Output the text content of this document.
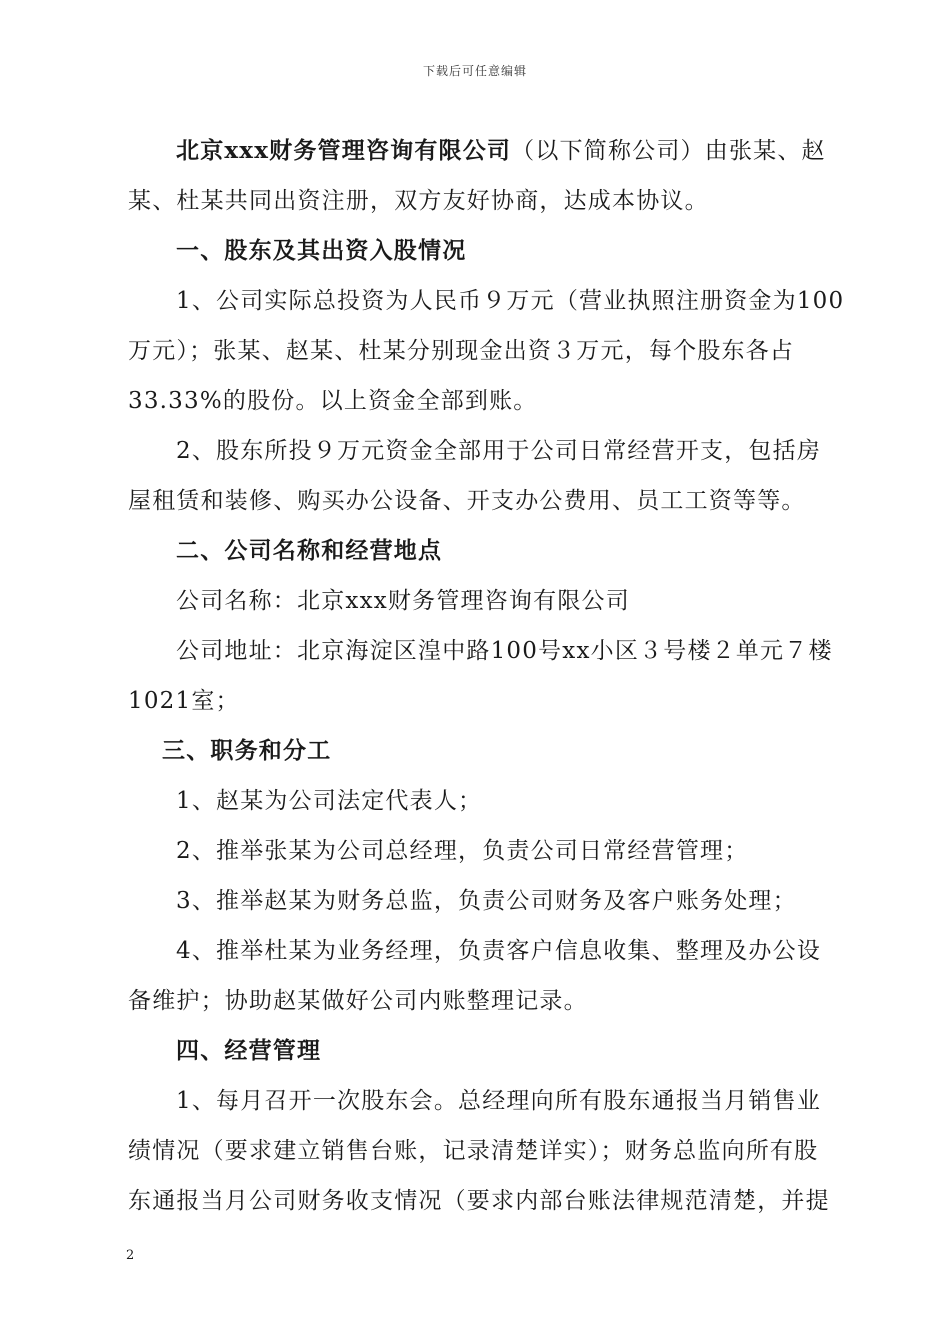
下载后可任意编辑
北京xxx财务管理咨询有限公司（以下简称公司）由张某、赵
某、杜某共同出资注册，双方友好协商，达成本协议。
一、股东及其出资入股情况
1、公司实际总投资为人民币９万元（营业执照注册资金为100
万元）；张某、赵某、杜某分别现金出资３万元，每个股东各占
33.33%的股份。以上资金全部到账。
2、股东所投９万元资金全部用于公司日常经营开支，包括房
屋租赁和装修、购买办公设备、开支办公费用、员工工资等等。
二、公司名称和经营地点
公司名称：北京xxx财务管理咨询有限公司
公司地址：北京海淀区湟中路100号xx小区３号楼２单元７楼
1021室；
三、职务和分工
1、赵某为公司法定代表人；
2、推举张某为公司总经理，负责公司日常经营管理；
3、推举赵某为财务总监，负责公司财务及客户账务处理；
4、推举杜某为业务经理，负责客户信息收集、整理及办公设
备维护；协助赵某做好公司内账整理记录。
四、经营管理
1、每月召开一次股东会。总经理向所有股东通报当月销售业
绩情况（要求建立销售台账，记录清楚详实）；财务总监向所有股
东通报当月公司财务收支情况（要求内部台账法律规范清楚，并提
2
